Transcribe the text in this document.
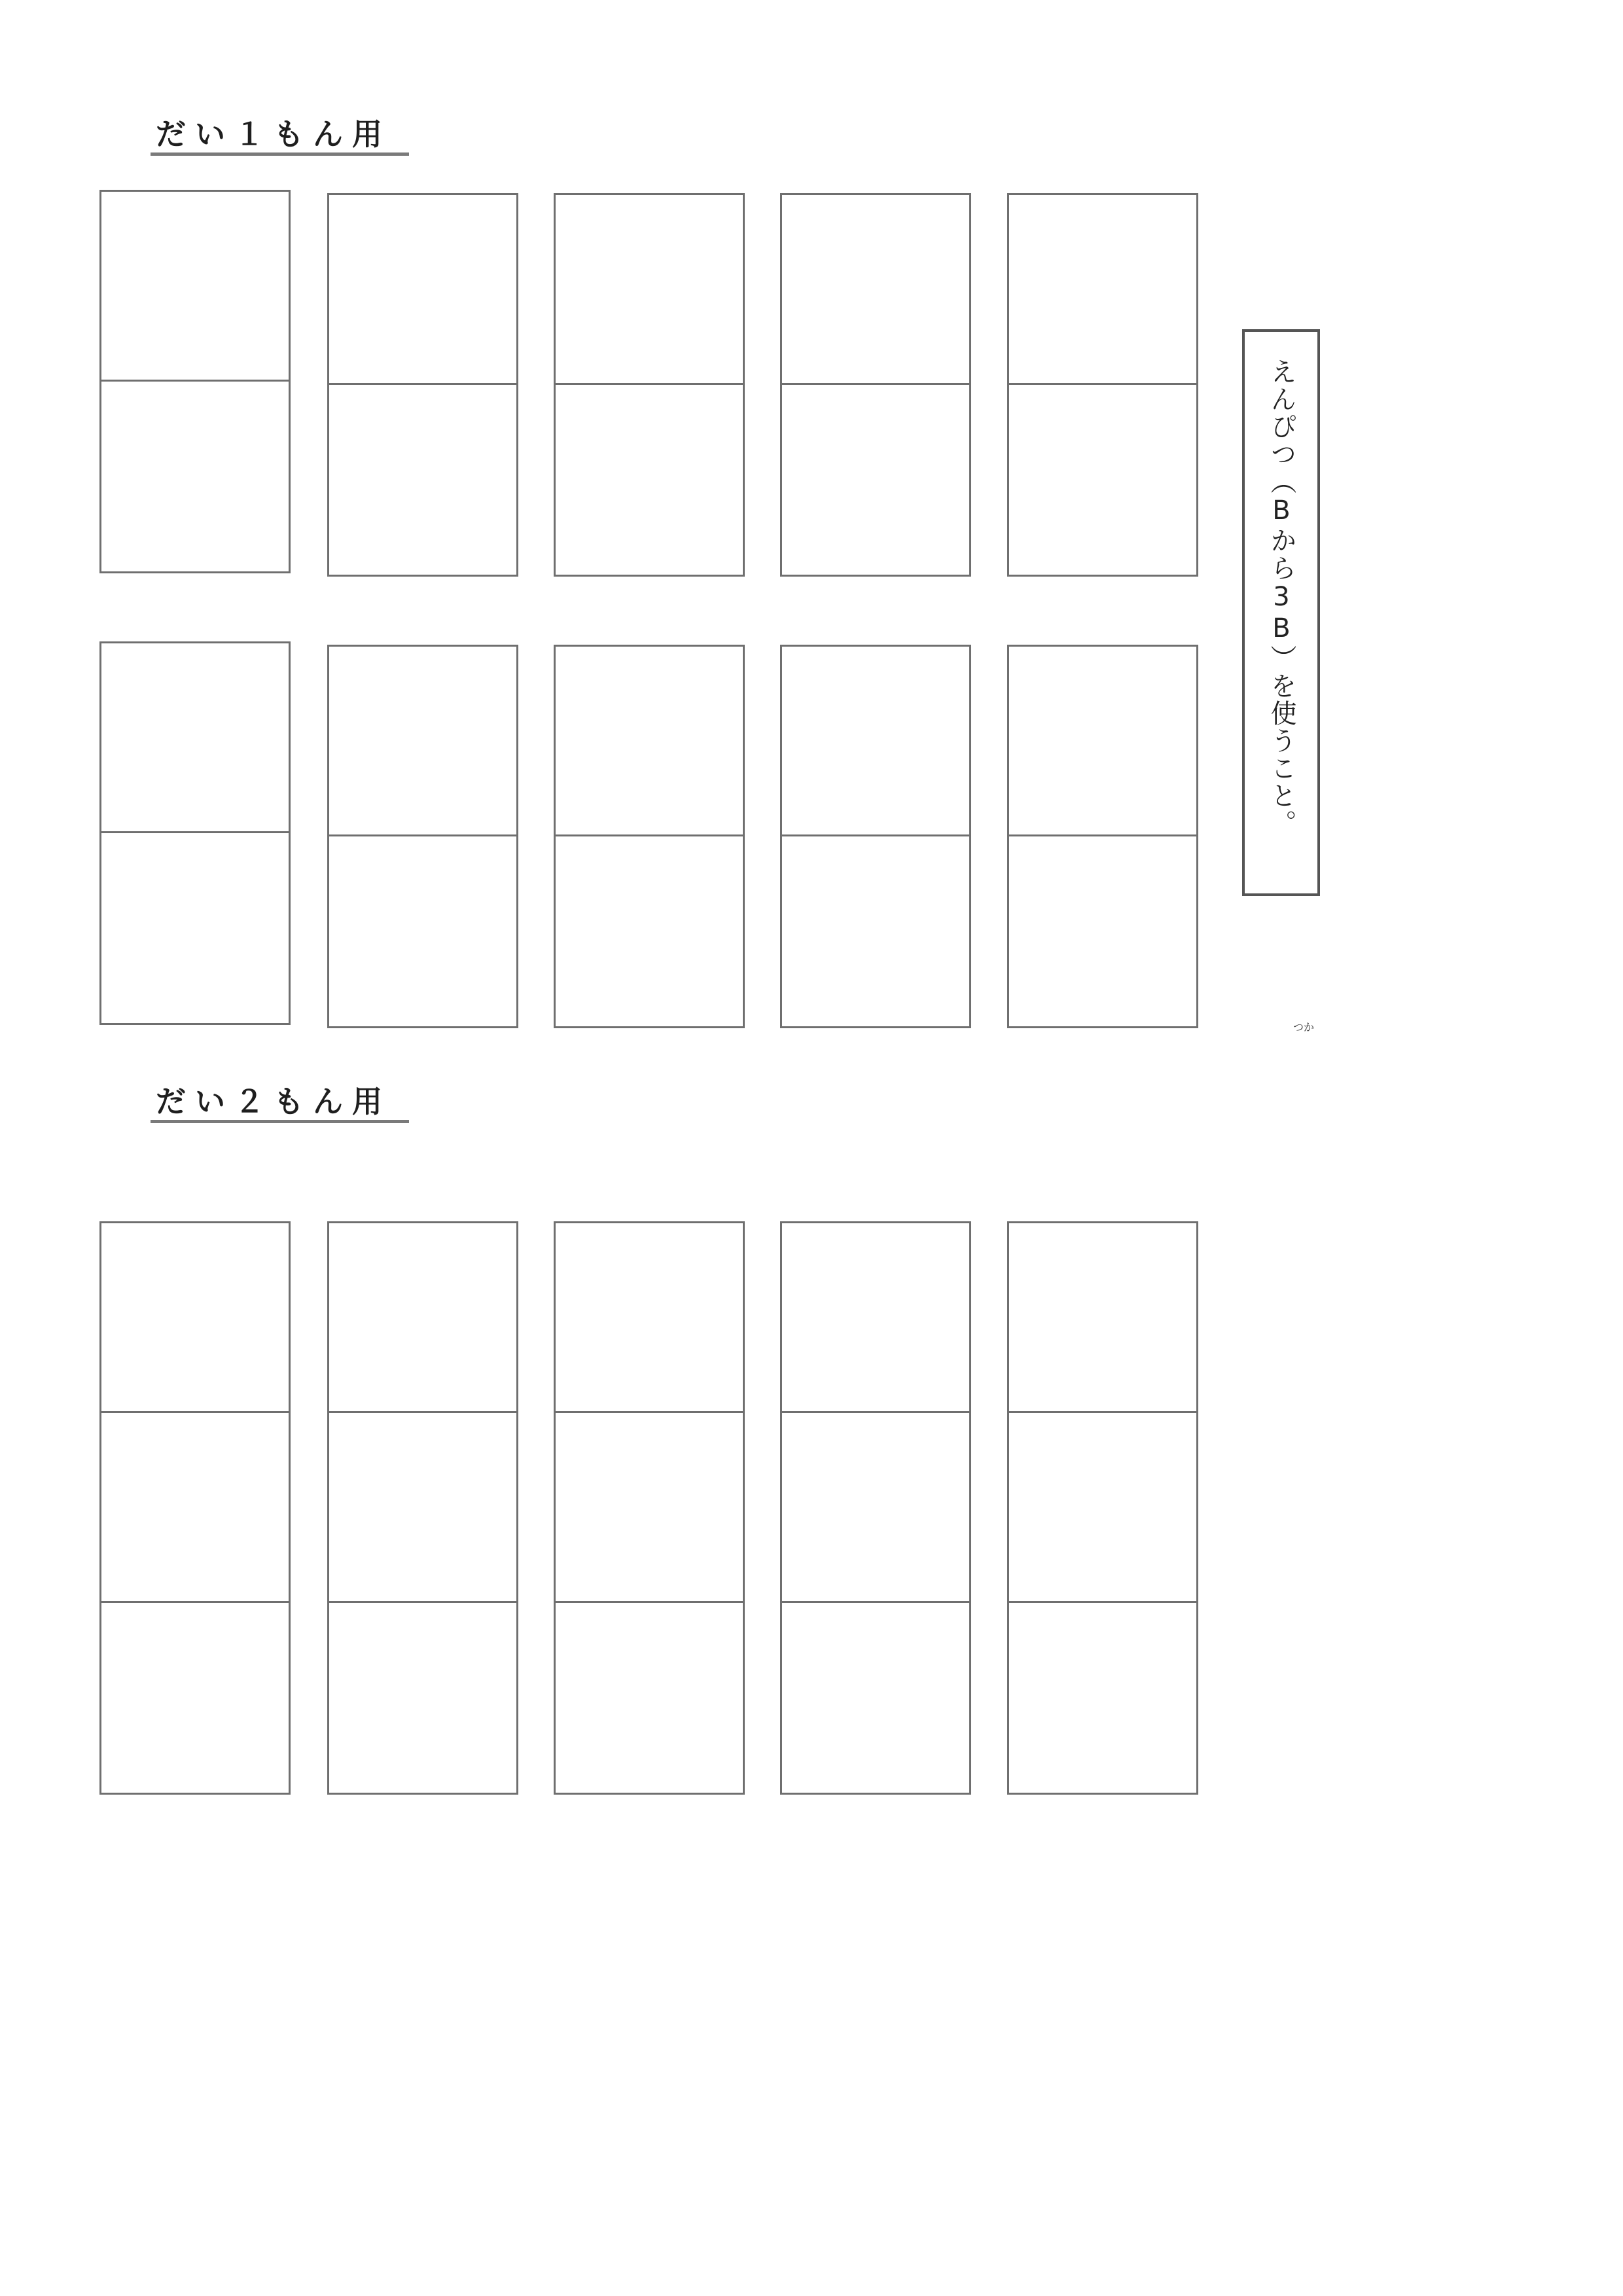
だい１もん用
えんぴつ（Bから3B）を使うこと。
つか
だい２もん用
